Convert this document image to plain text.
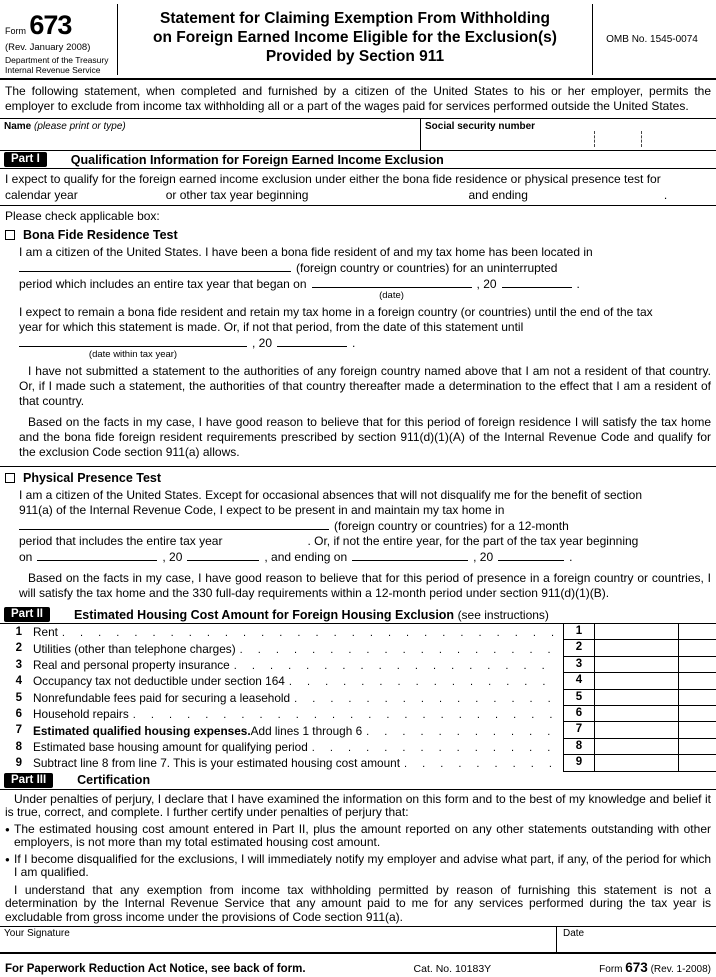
Form 673
(Rev. January 2008)
Department of the Treasury
Internal Revenue Service
Statement for Claiming Exemption From Withholding
on Foreign Earned Income Eligible for the Exclusion(s)
Provided by Section 911
OMB No. 1545-0074

The following statement, when completed and furnished by a citizen of the United States to his or her employer, permits the employer to exclude from income tax withholding all or a part of the wages paid for services performed outside the United States.

Name (please print or type)	Social security number
Part I	Qualification Information for Foreign Earned Income Exclusion
I expect to qualify for the foreign earned income exclusion under either the bona fide residence or physical presence test for
calendar year	or other tax year beginning	and ending	.
Please check applicable box:
Bona Fide Residence Test
I am a citizen of the United States. I have been a bona fide resident of and my tax home has been located in
(foreign country or countries) for an uninterrupted
period which includes an entire tax year that began on
(date)
, 20	.
I expect to remain a bona fide resident and retain my tax home in a foreign country (or countries) until the end of the tax
year for which this statement is made. Or, if not that period, from the date of this statement until
(date within tax year)
, 20	.

I have not submitted a statement to the authorities of any foreign country named above that I am not a resident of that country. Or, if I made such a statement, the authorities of that country thereafter made a determination to the effect that I am a resident of that country.

Based on the facts in my case, I have good reason to believe that for this period of foreign residence I will satisfy the tax home and the bona fide foreign resident requirements prescribed by section 911(d)(1)(A) of the Internal Revenue Code and qualify for the exclusion Code section 911(a) allows.

Physical Presence Test
I am a citizen of the United States. Except for occasional absences that will not disqualify me for the benefit of section
911(a) of the Internal Revenue Code, I expect to be present in and maintain my tax home in
(foreign country or countries) for a 12-month
period that includes the entire tax year	. Or, if not the entire year, for the part of the tax year beginning
on	, 20	, and ending on	, 20	.

Based on the facts in my case, I have good reason to believe that for this period of presence in a foreign country or countries, I will satisfy the tax home and the 330 full-day requirements within a 12-month period under section 911(d)(1)(B).

Part II	Estimated Housing Cost Amount for Foreign Housing Exclusion (see instructions)
1 Rent . . .	1
2 Utilities (other than telephone charges) . . .	2
3 Real and personal property insurance . . .	3
4 Occupancy tax not deductible under section 164 . . .	4
5 Nonrefundable fees paid for securing a leasehold . . .	5
6 Household repairs . . .	6
7 Estimated qualified housing expenses. Add lines 1 through 6 . . .	7
8 Estimated base housing amount for qualifying period . . .	8
9 Subtract line 8 from line 7. This is your estimated housing cost amount . . .	9
Part III	Certification

Under penalties of perjury, I declare that I have examined the information on this form and to the best of my knowledge and belief it is true, correct, and complete. I further certify under penalties of perjury that:

● The estimated housing cost amount entered in Part II, plus the amount reported on any other statements outstanding with other employers, is not more than my total estimated housing cost amount.

● If I become disqualified for the exclusions, I will immediately notify my employer and advise what part, if any, of the period for which I am qualified.

I understand that any exemption from income tax withholding permitted by reason of furnishing this statement is not a determination by the Internal Revenue Service that any amount paid to me for any services performed during the tax year is excludable from gross income under the provisions of Code section 911(a).

Your Signature	Date
For Paperwork Reduction Act Notice, see back of form.	Cat. No. 10183Y	Form 673 (Rev. 1-2008)
